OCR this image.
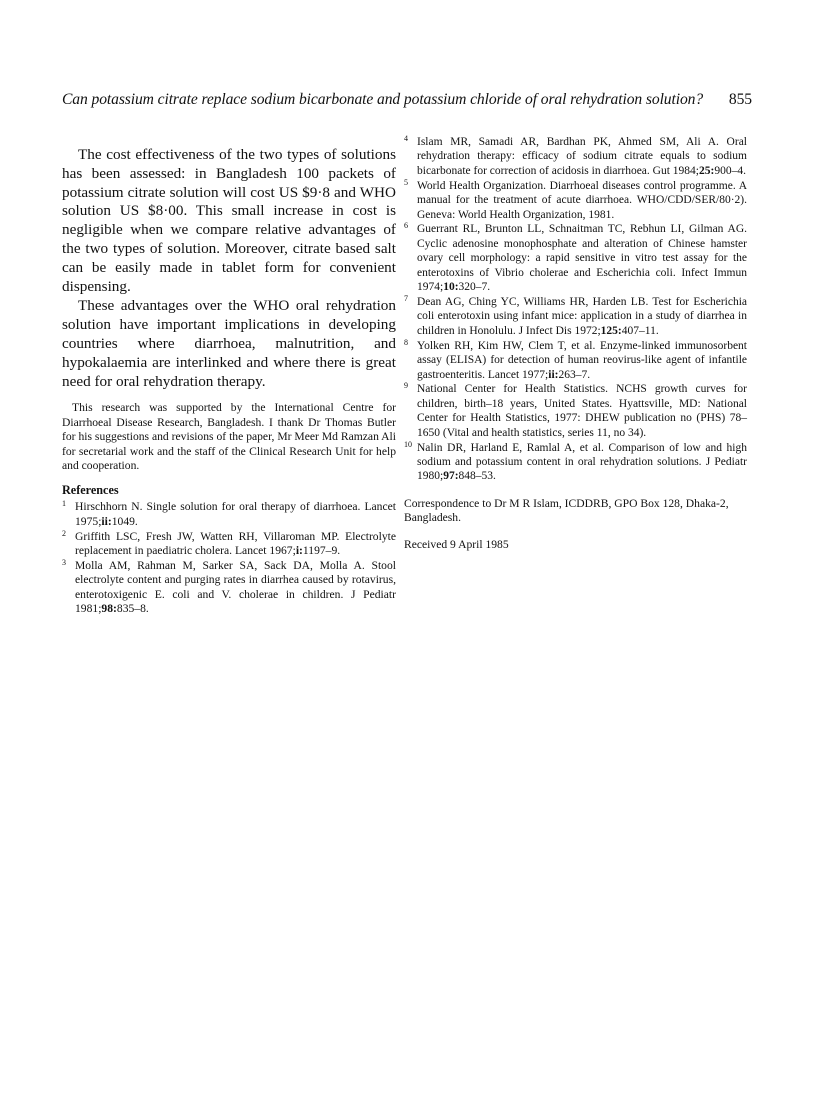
Can potassium citrate replace sodium bicarbonate and potassium chloride of oral rehydration solution? 855

The cost effectiveness of the two types of solutions has been assessed: in Bangladesh 100 packets of potassium citrate solution will cost US $9·8 and WHO solution US $8·00. This small increase in cost is negligible when we compare relative advantages of the two types of solution. Moreover, citrate based salt can be easily made in tablet form for convenient dispensing.

These advantages over the WHO oral rehydration solution have important implications in developing countries where diarrhoea, malnutrition, and hypokalaemia are interlinked and where there is great need for oral rehydration therapy.

This research was supported by the International Centre for Diarrhoeal Disease Research, Bangladesh. I thank Dr Thomas Butler for his suggestions and revisions of the paper, Mr Meer Md Ramzan Ali for secretarial work and the staff of the Clinical Research Unit for help and cooperation.

References
1 Hirschhorn N. Single solution for oral therapy of diarrhoea. Lancet 1975;ii:1049.
2 Griffith LSC, Fresh JW, Watten RH, Villaroman MP. Electrolyte replacement in paediatric cholera. Lancet 1967;i:1197–9.
3 Molla AM, Rahman M, Sarker SA, Sack DA, Molla A. Stool electrolyte content and purging rates in diarrhea caused by rotavirus, enterotoxigenic E. coli and V. cholerae in children. J Pediatr 1981;98:835–8.
4 Islam MR, Samadi AR, Bardhan PK, Ahmed SM, Ali A. Oral rehydration therapy: efficacy of sodium citrate equals to sodium bicarbonate for correction of acidosis in diarrhoea. Gut 1984;25:900–4.
5 World Health Organization. Diarrhoeal diseases control programme. A manual for the treatment of acute diarrhoea. WHO/CDD/SER/80·2). Geneva: World Health Organization, 1981.
6 Guerrant RL, Brunton LL, Schnaitman TC, Rebhun LI, Gilman AG. Cyclic adenosine monophosphate and alteration of Chinese hamster ovary cell morphology: a rapid sensitive in vitro test assay for the enterotoxins of Vibrio cholerae and Escherichia coli. Infect Immun 1974;10:320–7.
7 Dean AG, Ching YC, Williams HR, Harden LB. Test for Escherichia coli enterotoxin using infant mice: application in a study of diarrhea in children in Honolulu. J Infect Dis 1972;125:407–11.
8 Yolken RH, Kim HW, Clem T, et al. Enzyme-linked immunosorbent assay (ELISA) for detection of human reovirus-like agent of infantile gastroenteritis. Lancet 1977;ii:263–7.
9 National Center for Health Statistics. NCHS growth curves for children, birth–18 years, United States. Hyattsville, MD: National Center for Health Statistics, 1977: DHEW publication no (PHS) 78–1650 (Vital and health statistics, series 11, no 34).
10 Nalin DR, Harland E, Ramlal A, et al. Comparison of low and high sodium and potassium content in oral rehydration solutions. J Pediatr 1980;97:848–53.

Correspondence to Dr M R Islam, ICDDRB, GPO Box 128, Dhaka-2, Bangladesh.

Received 9 April 1985
